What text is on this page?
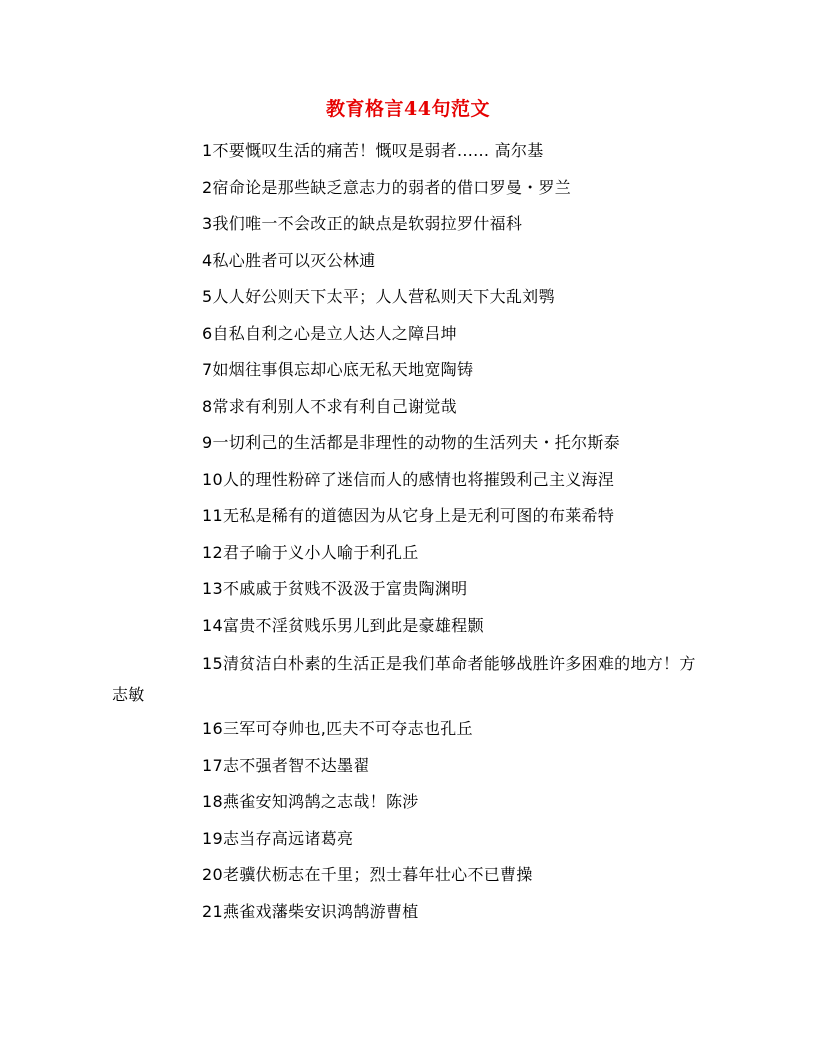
教育格言44句范文
1不要慨叹生活的痛苦！慨叹是弱者...... 高尔基
2宿命论是那些缺乏意志力的弱者的借口罗曼・罗兰
3我们唯一不会改正的缺点是软弱拉罗什福科
4私心胜者可以灭公林逋
5人人好公则天下太平；人人营私则天下大乱刘鹗
6自私自利之心是立人达人之障吕坤
7如烟往事俱忘却心底无私天地宽陶铸
8常求有利别人不求有利自己谢觉哉
9一切利己的生活都是非理性的动物的生活列夫・托尔斯泰
10人的理性粉碎了迷信而人的感情也将摧毁利己主义海涅
11无私是稀有的道德因为从它身上是无利可图的布莱希特
12君子喻于义小人喻于利孔丘
13不戚戚于贫贱不汲汲于富贵陶渊明
14富贵不淫贫贱乐男儿到此是豪雄程颢
15清贫洁白朴素的生活正是我们革命者能够战胜许多困难的地方！方志敏
16三军可夺帅也,匹夫不可夺志也孔丘
17志不强者智不达墨翟
18燕雀安知鸿鹄之志哉！陈涉
19志当存高远诸葛亮
20老骥伏枥志在千里；烈士暮年壮心不已曹操
21燕雀戏藩柴安识鸿鹄游曹植
